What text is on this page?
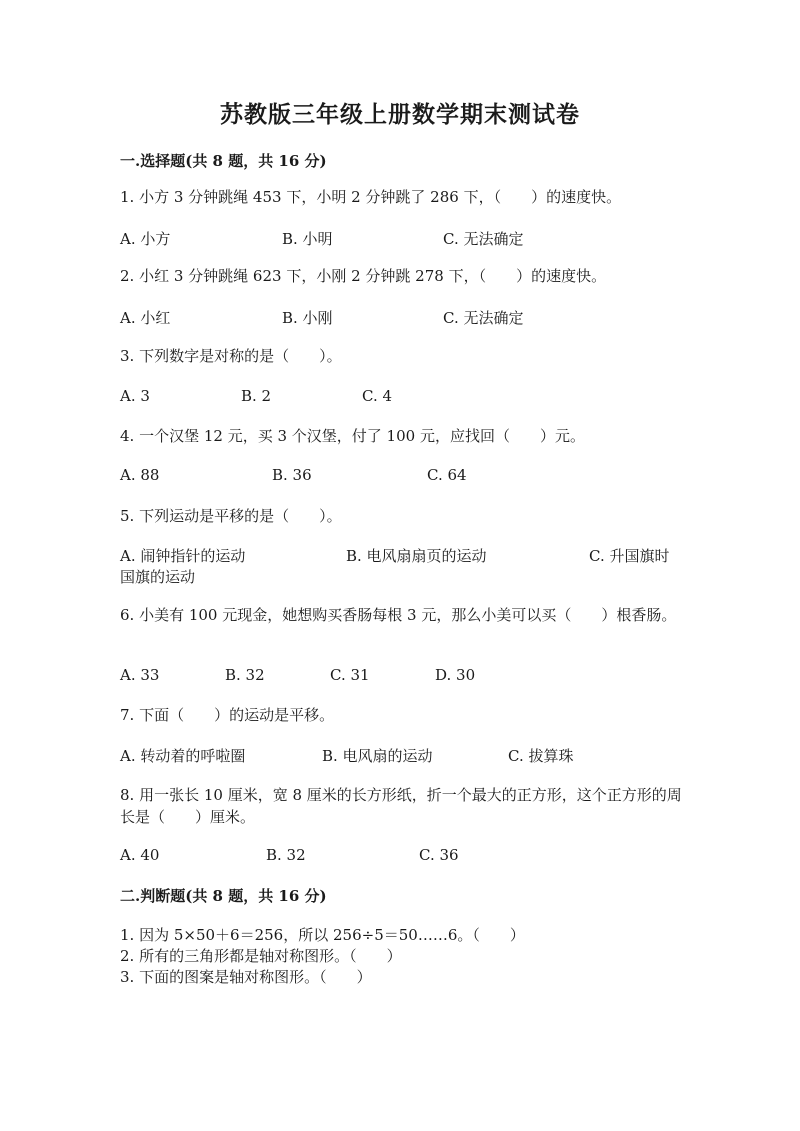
苏教版三年级上册数学期末测试卷
一.选择题(共 8 题，共 16 分)
1. 小方 3 分钟跳绳 453 下，小明 2 分钟跳了 286 下，（　　）的速度快。
A. 小方	B. 小明	C. 无法确定
2. 小红 3 分钟跳绳 623 下，小刚 2 分钟跳 278 下，（　　）的速度快。
A. 小红	B. 小刚	C. 无法确定
3. 下列数字是对称的是（　　）。
A. 3	B. 2	C. 4
4. 一个汉堡 12 元，买 3 个汉堡，付了 100 元，应找回（　　）元。
A. 88	B. 36	C. 64
5. 下列运动是平移的是（　　）。
A. 闹钟指针的运动	B. 电风扇扇页的运动	C. 升国旗时
国旗的运动
6. 小美有 100 元现金，她想购买香肠每根 3 元，那么小美可以买（　　）根香肠。
A. 33	B. 32	C. 31	D. 30
7. 下面（　　）的运动是平移。
A. 转动着的呼啦圈	B. 电风扇的运动	C. 拔算珠
8. 用一张长 10 厘米，宽 8 厘米的长方形纸，折一个最大的正方形，这个正方形的周长是（　　）厘米。
A. 40	B. 32	C. 36
二.判断题(共 8 题，共 16 分)
1. 因为 5×50＋6＝256，所以 256÷5＝50……6。（　　）
2. 所有的三角形都是轴对称图形。（　　）
3. 下面的图案是轴对称图形。（　　）
